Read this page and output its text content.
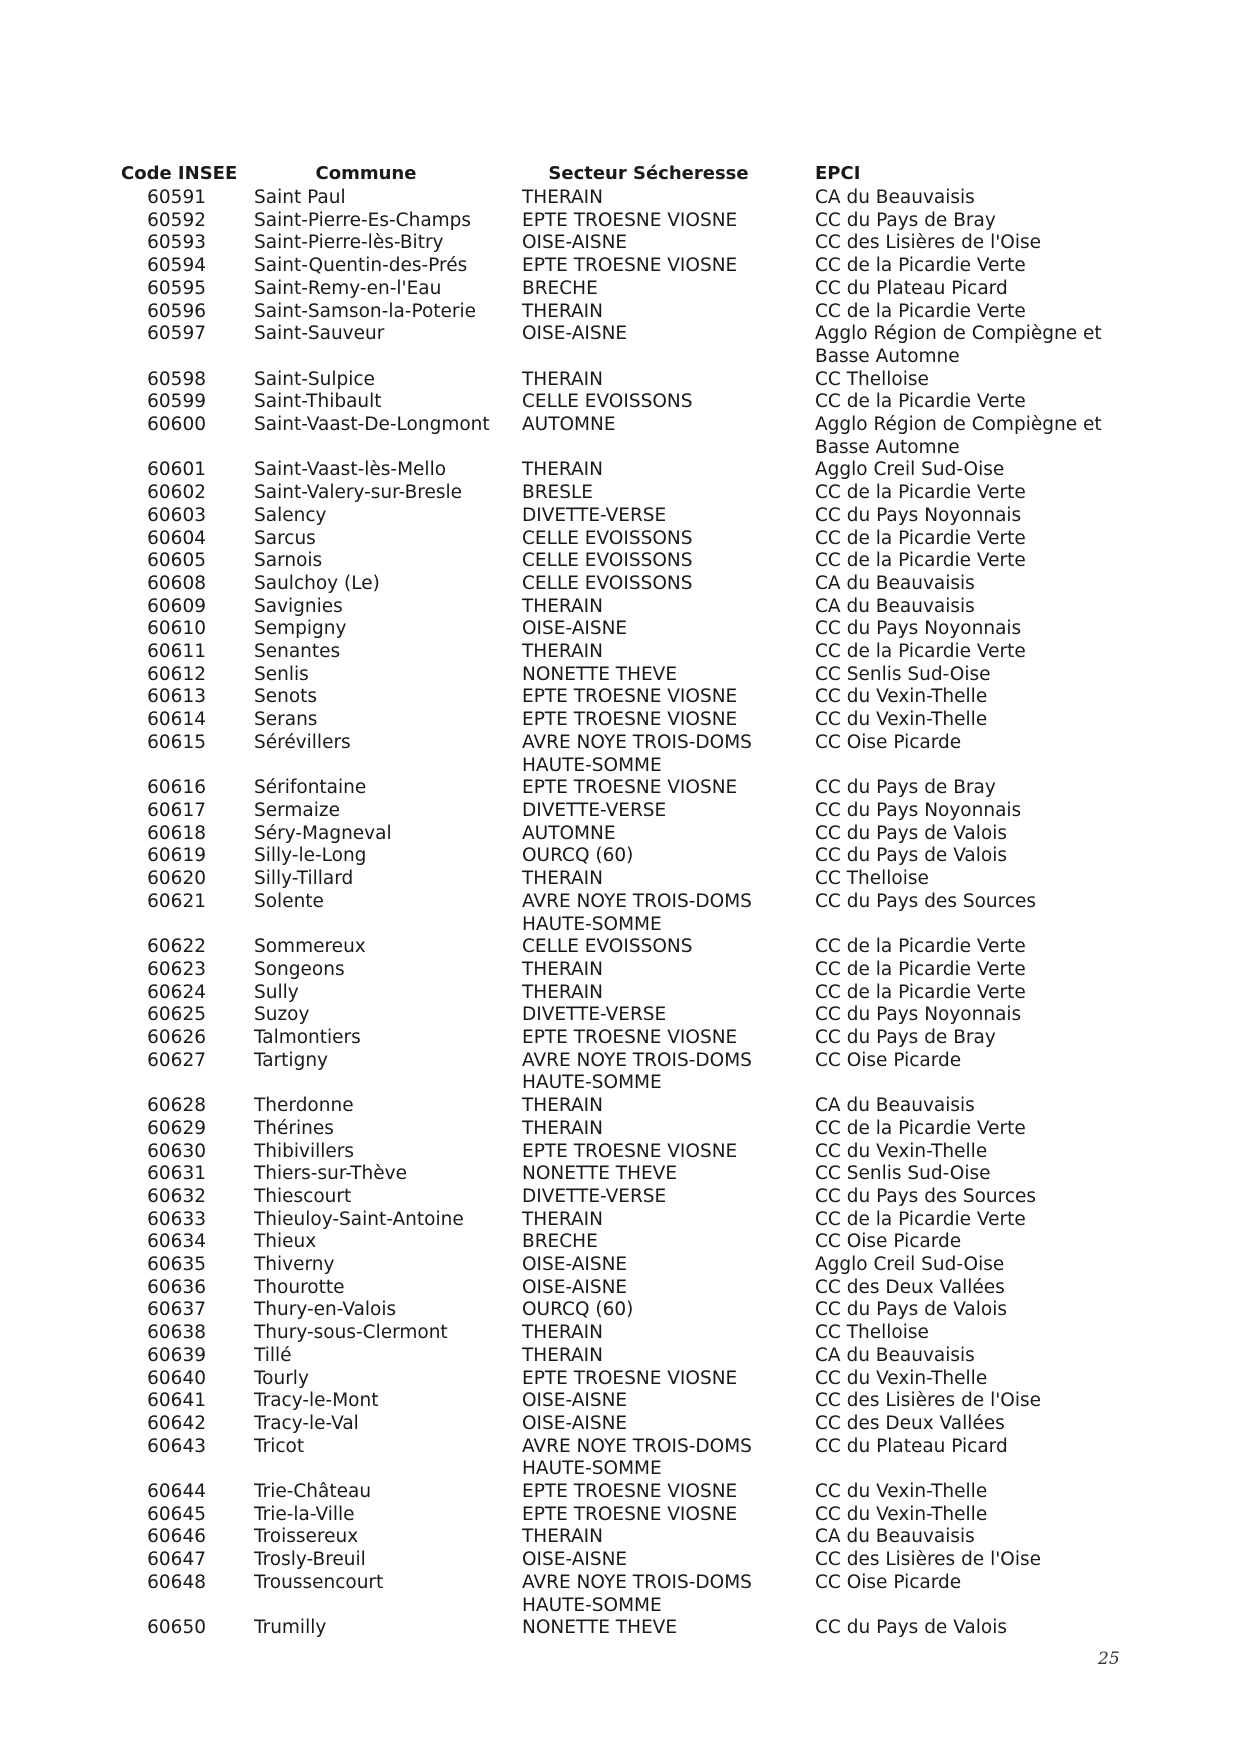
Code INSEE	Commune	Secteur Sécheresse	EPCI
60591	Saint Paul	THERAIN	CA du Beauvaisis

60592	Saint-Pierre-Es-Champs	EPTE TROESNE VIOSNE	CC du Pays de Bray

60593	Saint-Pierre-lès-Bitry	OISE-AISNE	CC des Lisières de l'Oise

60594	Saint-Quentin-des-Prés	EPTE TROESNE VIOSNE	CC de la Picardie Verte

60595	Saint-Remy-en-l'Eau	BRECHE	CC du Plateau Picard

60596	Saint-Samson-la-Poterie	THERAIN	CC de la Picardie Verte

60597	Saint-Sauveur	OISE-AISNE	Agglo Région de Compiègne et
Basse Automne

60598	Saint-Sulpice	THERAIN	CC Thelloise

60599	Saint-Thibault	CELLE EVOISSONS	CC de la Picardie Verte

60600	Saint-Vaast-De-Longmont	AUTOMNE	Agglo Région de Compiègne et
Basse Automne

60601	Saint-Vaast-lès-Mello	THERAIN	Agglo Creil Sud-Oise

60602	Saint-Valery-sur-Bresle	BRESLE	CC de la Picardie Verte

60603	Salency	DIVETTE-VERSE	CC du Pays Noyonnais

60604	Sarcus	CELLE EVOISSONS	CC de la Picardie Verte

60605	Sarnois	CELLE EVOISSONS	CC de la Picardie Verte

60608	Saulchoy (Le)	CELLE EVOISSONS	CA du Beauvaisis

60609	Savignies	THERAIN	CA du Beauvaisis

60610	Sempigny	OISE-AISNE	CC du Pays Noyonnais

60611	Senantes	THERAIN	CC de la Picardie Verte

60612	Senlis	NONETTE THEVE	CC Senlis Sud-Oise

60613	Senots	EPTE TROESNE VIOSNE	CC du Vexin-Thelle

60614	Serans	EPTE TROESNE VIOSNE	CC du Vexin-Thelle

60615	Sérévillers	AVRE NOYE TROIS-DOMS
HAUTE-SOMME	CC Oise Picarde

60616	Sérifontaine	EPTE TROESNE VIOSNE	CC du Pays de Bray

60617	Sermaize	DIVETTE-VERSE	CC du Pays Noyonnais

60618	Séry-Magneval	AUTOMNE	CC du Pays de Valois

60619	Silly-le-Long	OURCQ (60)	CC du Pays de Valois

60620	Silly-Tillard	THERAIN	CC Thelloise

60621	Solente	AVRE NOYE TROIS-DOMS
HAUTE-SOMME	CC du Pays des Sources

60622	Sommereux	CELLE EVOISSONS	CC de la Picardie Verte

60623	Songeons	THERAIN	CC de la Picardie Verte

60624	Sully	THERAIN	CC de la Picardie Verte

60625	Suzoy	DIVETTE-VERSE	CC du Pays Noyonnais

60626	Talmontiers	EPTE TROESNE VIOSNE	CC du Pays de Bray

60627	Tartigny	AVRE NOYE TROIS-DOMS
HAUTE-SOMME	CC Oise Picarde

60628	Therdonne	THERAIN	CA du Beauvaisis

60629	Thérines	THERAIN	CC de la Picardie Verte

60630	Thibivillers	EPTE TROESNE VIOSNE	CC du Vexin-Thelle

60631	Thiers-sur-Thève	NONETTE THEVE	CC Senlis Sud-Oise

60632	Thiescourt	DIVETTE-VERSE	CC du Pays des Sources

60633	Thieuloy-Saint-Antoine	THERAIN	CC de la Picardie Verte

60634	Thieux	BRECHE	CC Oise Picarde

60635	Thiverny	OISE-AISNE	Agglo Creil Sud-Oise

60636	Thourotte	OISE-AISNE	CC des Deux Vallées

60637	Thury-en-Valois	OURCQ (60)	CC du Pays de Valois

60638	Thury-sous-Clermont	THERAIN	CC Thelloise

60639	Tillé	THERAIN	CA du Beauvaisis

60640	Tourly	EPTE TROESNE VIOSNE	CC du Vexin-Thelle

60641	Tracy-le-Mont	OISE-AISNE	CC des Lisières de l'Oise

60642	Tracy-le-Val	OISE-AISNE	CC des Deux Vallées

60643	Tricot	AVRE NOYE TROIS-DOMS
HAUTE-SOMME	CC du Plateau Picard

60644	Trie-Château	EPTE TROESNE VIOSNE	CC du Vexin-Thelle

60645	Trie-la-Ville	EPTE TROESNE VIOSNE	CC du Vexin-Thelle

60646	Troissereux	THERAIN	CA du Beauvaisis

60647	Trosly-Breuil	OISE-AISNE	CC des Lisières de l'Oise

60648	Troussencourt	AVRE NOYE TROIS-DOMS
HAUTE-SOMME	CC Oise Picarde

60650	Trumilly	NONETTE THEVE	CC du Pays de Valois
25
